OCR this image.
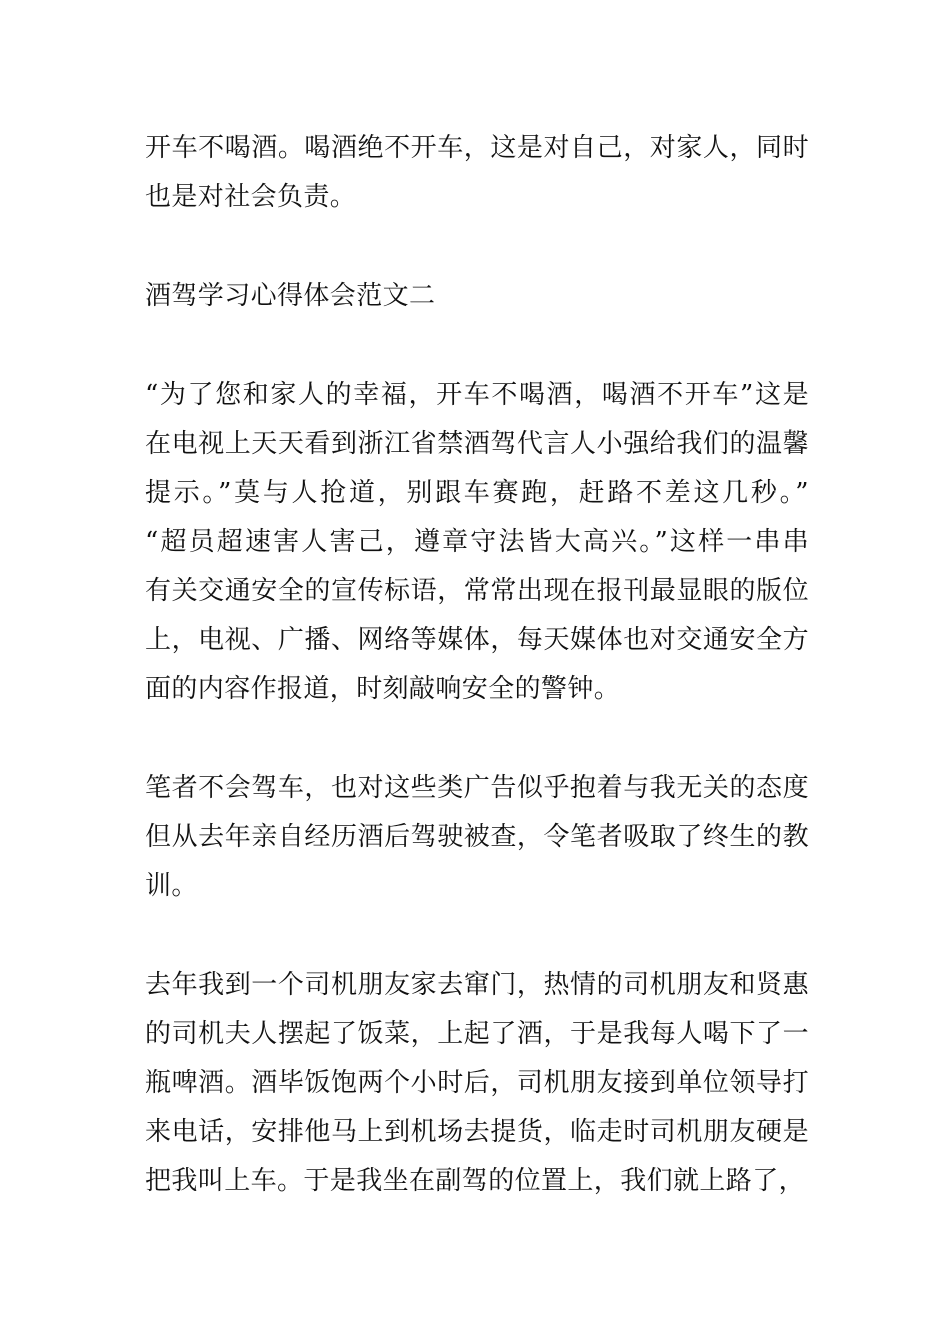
开车不喝酒。喝酒绝不开车，这是对自己，对家人，同时
也是对社会负责。
酒驾学习心得体会范文二
“为了您和家人的幸福，开车不喝酒，喝酒不开车”这是
在电视上天天看到浙江省禁酒驾代言人小强给我们的温馨
提示。”莫与人抢道，别跟车赛跑，赶路不差这几秒。”
“超员超速害人害己，遵章守法皆大高兴。”这样一串串
有关交通安全的宣传标语，常常出现在报刊最显眼的版位
上，电视、广播、网络等媒体，每天媒体也对交通安全方
面的内容作报道，时刻敲响安全的警钟。
笔者不会驾车，也对这些类广告似乎抱着与我无关的态度
但从去年亲自经历酒后驾驶被查，令笔者吸取了终生的教
训。
去年我到一个司机朋友家去窜门，热情的司机朋友和贤惠
的司机夫人摆起了饭菜，上起了酒，于是我每人喝下了一
瓶啤酒。酒毕饭饱两个小时后，司机朋友接到单位领导打
来电话，安排他马上到机场去提货，临走时司机朋友硬是
把我叫上车。于是我坐在副驾的位置上，我们就上路了，
